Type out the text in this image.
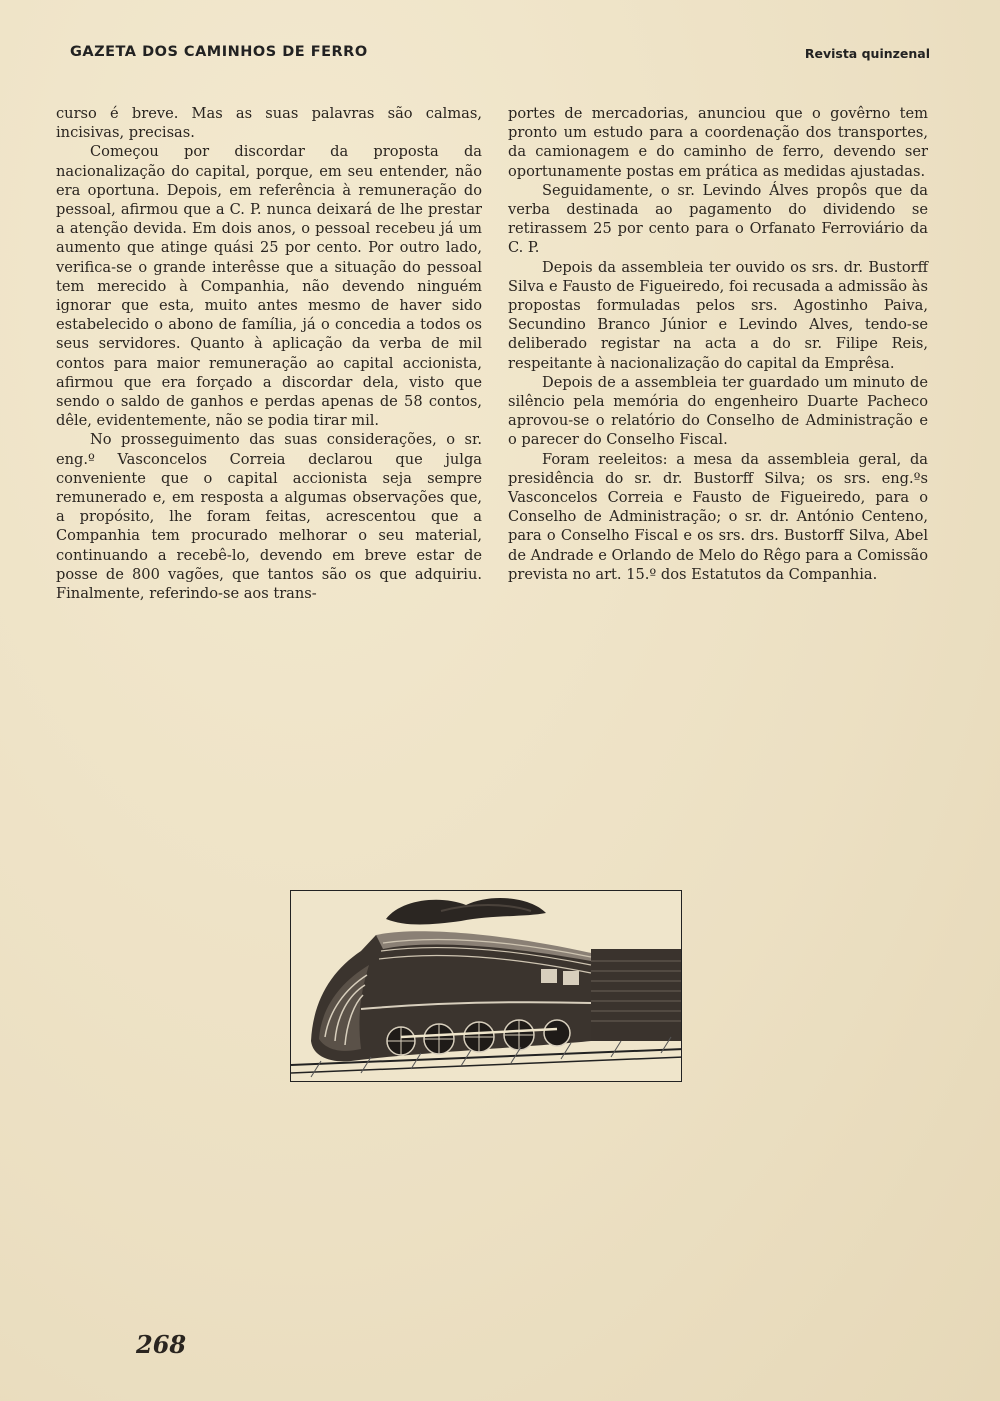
GAZETA DOS CAMINHOS DE FERRO	Revista quinzenal

curso é breve. Mas as suas palavras são calmas, incisivas, precisas.

Começou por discordar da proposta da nacionalização do capital, porque, em seu entender, não era oportuna. Depois, em referência à remuneração do pessoal, afirmou que a C. P. nunca deixará de lhe prestar a atenção devida. Em dois anos, o pessoal recebeu já um aumento que atinge quási 25 por cento. Por outro lado, verifica-se o grande interêsse que a situação do pessoal tem merecido à Companhia, não devendo ninguém ignorar que esta, muito antes mesmo de haver sido estabelecido o abono de família, já o concedia a todos os seus servidores. Quanto à aplicação da verba de mil contos para maior remuneração ao capital accionista, afirmou que era forçado a discordar dela, visto que sendo o saldo de ganhos e perdas apenas de 58 contos, dêle, evidentemente, não se podia tirar mil.

No prosseguimento das suas considerações, o sr. eng.º Vasconcelos Correia declarou que julga conveniente que o capital accionista seja sempre remunerado e, em resposta a algumas observações que, a propósito, lhe foram feitas, acrescentou que a Companhia tem procurado melhorar o seu material, continuando a recebê-lo, devendo em breve estar de posse de 800 vagões, que tantos são os que adquiriu. Finalmente, referindo-se aos trans-

portes de mercadorias, anunciou que o govêrno tem pronto um estudo para a coordenação dos transportes, da camionagem e do caminho de ferro, devendo ser oportunamente postas em prática as medidas ajustadas.

Seguidamente, o sr. Levindo Álves propôs que da verba destinada ao pagamento do dividendo se retirassem 25 por cento para o Orfanato Ferroviário da C. P.

Depois da assembleia ter ouvido os srs. dr. Bustorff Silva e Fausto de Figueiredo, foi recusada a admissão às propostas formuladas pelos srs. Agostinho Paiva, Secundino Branco Júnior e Levindo Alves, tendo-se deliberado registar na acta a do sr. Filipe Reis, respeitante à nacionalização do capital da Emprêsa.

Depois de a assembleia ter guardado um minuto de silêncio pela memória do engenheiro Duarte Pacheco aprovou-se o relatório do Conselho de Administração e o parecer do Conselho Fiscal.

Foram reeleitos: a mesa da assembleia geral, da presidência do sr. dr. Bustorff Silva; os srs. eng.ºs Vasconcelos Correia e Fausto de Figueiredo, para o Conselho de Administração; o sr. dr. António Centeno, para o Conselho Fiscal e os srs. drs. Bustorff Silva, Abel de Andrade e Orlando de Melo do Rêgo para a Comissão prevista no art. 15.º dos Estatutos da Companhia.

268
